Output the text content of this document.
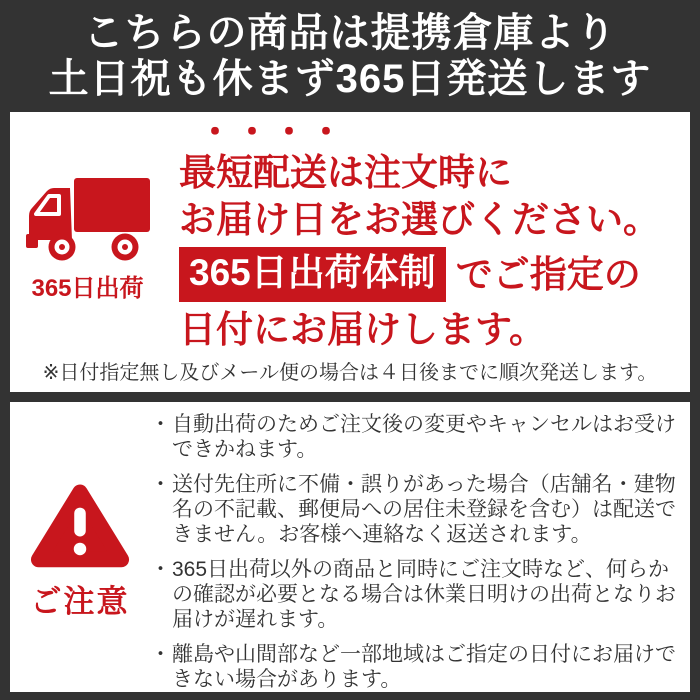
こちらの商品は提携倉庫より
土日祝も休まず365日発送します
365日出荷
・・・・
最短配送は注文時に
お届け日をお選びください。
365日出荷体制 でご指定の
日付にお届けします。
※日付指定無し及びメール便の場合は４日後までに順次発送します。
ご注意
・ 自動出荷のためご注文後の変更やキャンセルはお受けできかねます。
・ 送付先住所に不備・誤りがあった場合（店舗名・建物名の不記載、郵便局への居住未登録を含む）は配送できません。お客様へ連絡なく返送されます。
・ 365日出荷以外の商品と同時にご注文時など、何らかの確認が必要となる場合は休業日明けの出荷となりお届けが遅れます。
・ 離島や山間部など一部地域はご指定の日付にお届けできない場合があります。
